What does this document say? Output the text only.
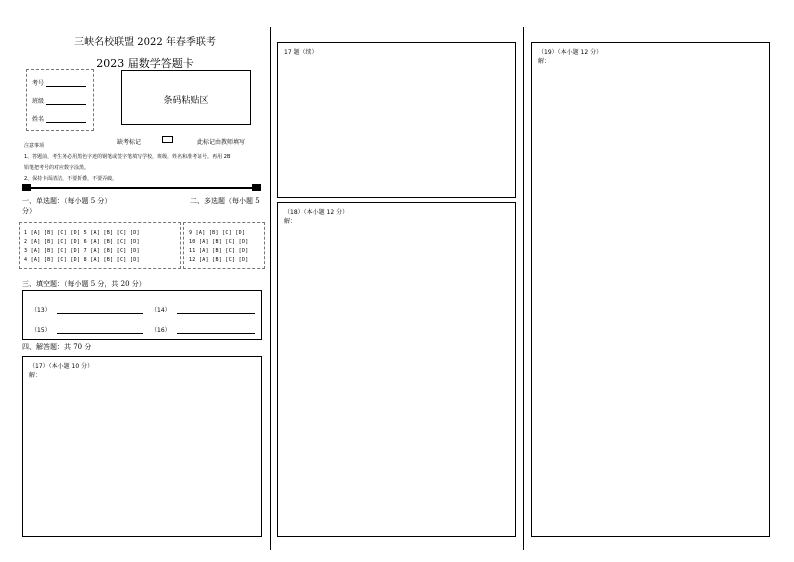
三峡名校联盟 2022 年春季联考
2023 届数学答题卡
考号
班级
姓名
条码粘贴区
缺考标记	此标记由教师填写
注意事项
1、答题前，考生务必用黑色字迹的钢笔或签字笔填写学校，班级，姓名和准考证号，再用 2B
铅笔把考号的对应数字涂黑。
2、保持卡面清洁，不要折叠，不要弄破。
一、单选题：（每小题 5 分）	二、多选题（每小题 5
分）
1 [A] [B] [C] [D] 5 [A] [B] [C] [D]
2 [A] [B] [C] [D] 6 [A] [B] [C] [D]
3 [A] [B] [C] [D] 7 [A] [B] [C] [D]
4 [A] [B] [C] [D] 8 [A] [B] [C] [D]
9 [A] [B] [C] [D]
10 [A] [B] [C] [D]
11 [A] [B] [C] [D]
12 [A] [B] [C] [D]
三、填空题：（每小题 5 分，共 20 分）
（13）	（14）
（15）	（16）
四、解答题：共 70 分
（17）（本小题 10 分）
解：
17 题（续）
（18）（本小题 12 分）
解：
（19）（本小题 12 分）
解：
